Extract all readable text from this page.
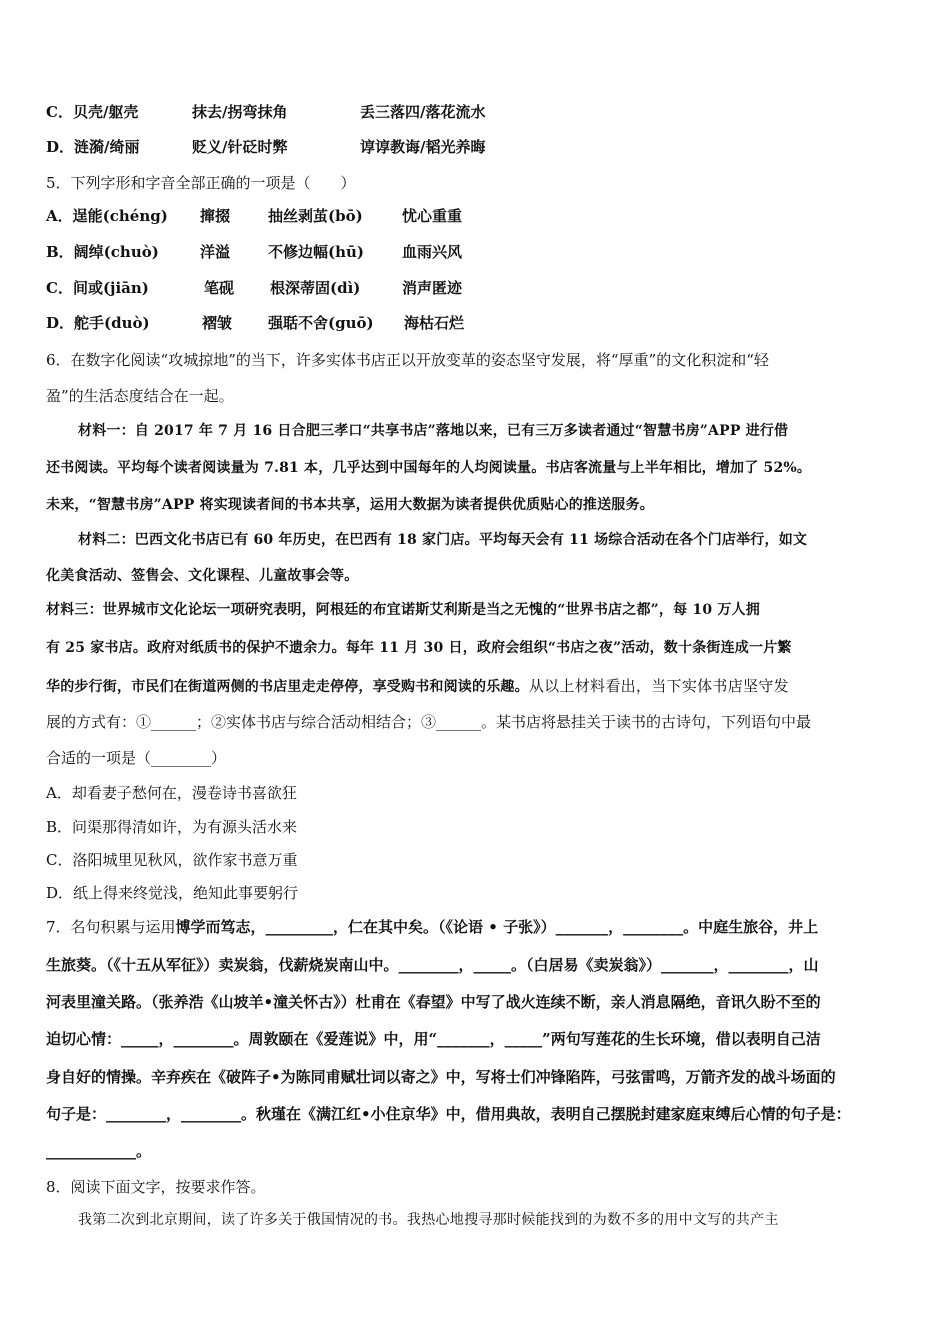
C．贝壳/躯壳	抹去/拐弯抹角	丢三落四/落花流水
D．涟漪/绮丽	贬义/针砭时弊	谆谆教诲/韬光养晦
5．下列字形和字音全部正确的一项是（　　）
A．逞能(chéng) 撺掇	抽丝剥茧(bō)	忧心重重
B．阔绰(chuò)	洋溢	不修边幅(hū)	血雨兴风
C．间或(jiān)	笔砚 根深蒂固(dì)	消声匿迹
D．舵手(duò)	褶皱 强聒不舍(guō) 海枯石烂
6．在数字化阅读“攻城掠地”的当下，许多实体书店正以开放变革的姿态坚守发展，将“厚重”的文化积淀和“轻
盈”的生活态度结合在一起。
材料一：自 2017 年 7 月 16 日合肥三孝口“共享书店”落地以来，已有三万多读者通过“智慧书房”APP 进行借
还书阅读。平均每个读者阅读量为 7.81 本，几乎达到中国每年的人均阅读量。书店客流量与上半年相比，增加了 52%。
未来，“智慧书房”APP 将实现读者间的书本共享，运用大数据为读者提供优质贴心的推送服务。
材料二：巴西文化书店已有 60 年历史，在巴西有 18 家门店。平均每天会有 11 场综合活动在各个门店举行，如文
化美食活动、签售会、文化课程、儿童故事会等。
材料三：世界城市文化论坛一项研究表明，阿根廷的布宜诺斯艾利斯是当之无愧的“世界书店之都”，每 10 万人拥
有 25 家书店。政府对纸质书的保护不遗余力。每年 11 月 30 日，政府会组织“书店之夜”活动，数十条街连成一片繁
华的步行街，市民们在街道两侧的书店里走走停停，享受购书和阅读的乐趣。从以上材料看出，当下实体书店坚守发
展的方式有：①______；②实体书店与综合活动相结合；③______。某书店将悬挂关于读书的古诗句，下列语句中最
合适的一项是（________）
A．却看妻子愁何在，漫卷诗书喜欲狂
B．问渠那得清如许，为有源头活水来
C．洛阳城里见秋风，欲作家书意万重
D．纸上得来终觉浅，绝知此事要躬行
7．名句积累与运用博学而笃志，_________，仁在其中矣。（《论语 • 子张》）_______，________。中庭生旅谷，井上
生旅葵。（《十五从军征》）卖炭翁，伐薪烧炭南山中。________，_____。（白居易《卖炭翁》）_______，________，山
河表里潼关路。（张养浩《山坡羊•潼关怀古》）杜甫在《春望》中写了战火连续不断，亲人消息隔绝，音讯久盼不至的
迫切心情：_____，________。周敦颐在《爱莲说》中，用“_______，_____”两句写莲花的生长环境，借以表明自己洁
身自好的情操。辛弃疾在《破阵子•为陈同甫赋壮词以寄之》中，写将士们冲锋陷阵，弓弦雷鸣，万箭齐发的战斗场面的
句子是：________，________。秋瑾在《满江红•小住京华》中，借用典故，表明自己摆脱封建家庭束缚后心情的句子是：
____________。
8．阅读下面文字，按要求作答。
我第二次到北京期间，读了许多关于俄国情况的书。我热心地搜寻那时候能找到的为数不多的用中文写的共产主
